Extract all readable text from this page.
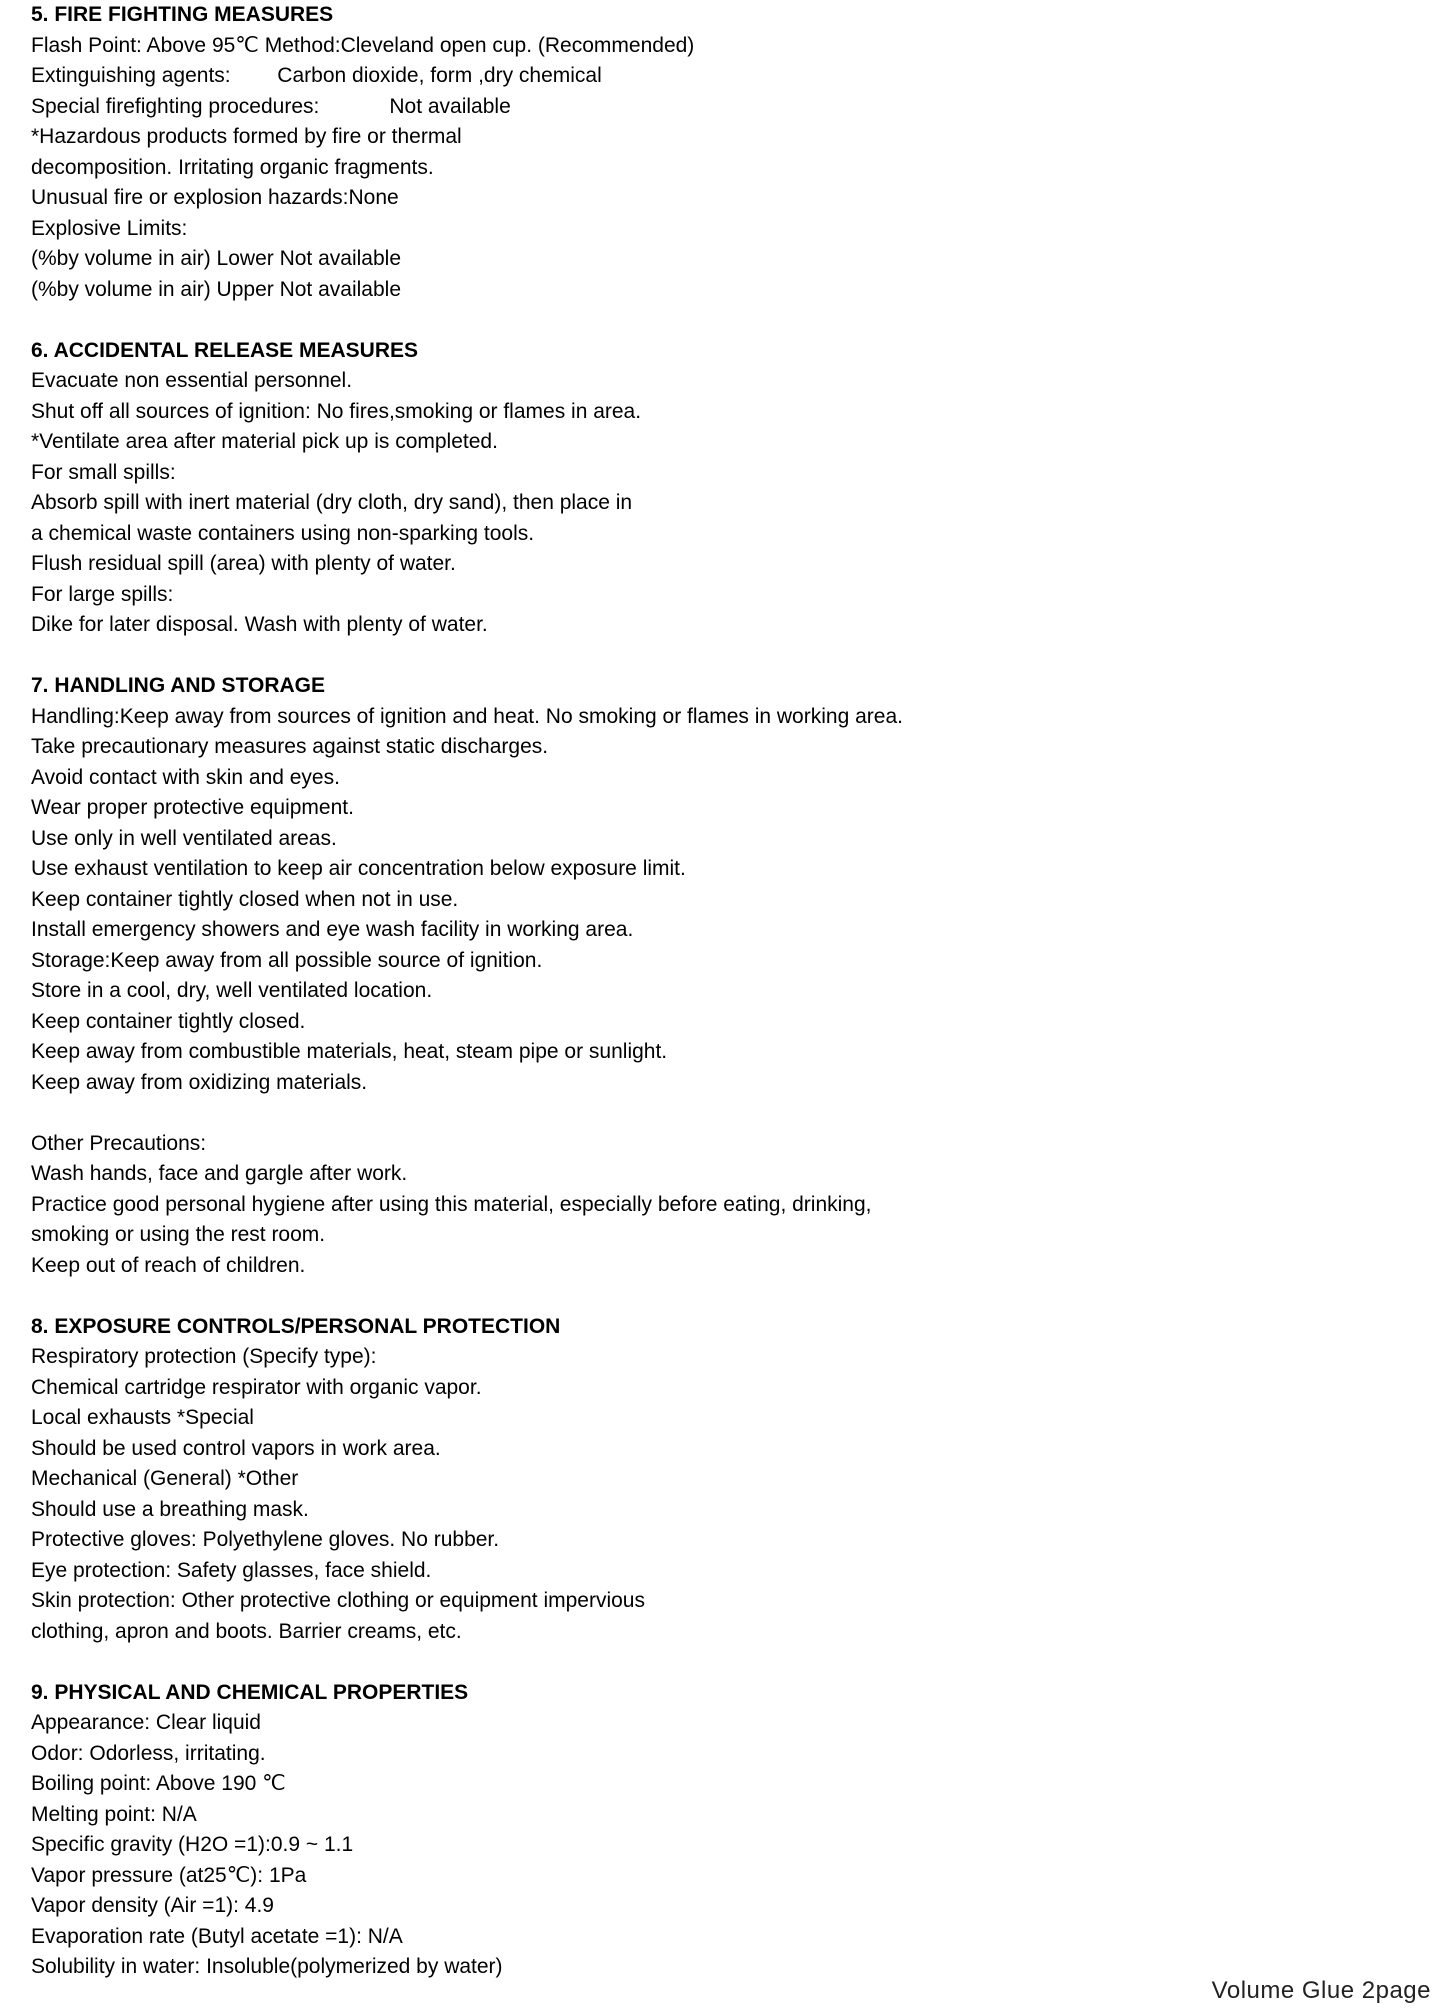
5. FIRE FIGHTING MEASURES
Flash Point: Above 95℃ Method:Cleveland open cup. (Recommended)
Extinguishing agents:        Carbon dioxide, form ,dry chemical
Special firefighting procedures:            Not available
*Hazardous products formed by fire or thermal
decomposition. Irritating organic fragments.
Unusual fire or explosion hazards:None
Explosive Limits:
(%by volume in air) Lower Not available
(%by volume in air) Upper Not available
6. ACCIDENTAL RELEASE MEASURES
Evacuate non essential personnel.
Shut off all sources of ignition: No fires,smoking or flames in area.
*Ventilate area after material pick up is completed.
For small spills:
Absorb spill with inert material (dry cloth, dry sand), then place in
a chemical waste containers using non-sparking tools.
Flush residual spill (area) with plenty of water.
For large spills:
Dike for later disposal. Wash with plenty of water.
7. HANDLING AND STORAGE
Handling:Keep away from sources of ignition and heat. No smoking or flames in working area.
Take precautionary measures against static discharges.
Avoid contact with skin and eyes.
Wear proper protective equipment.
Use only in well ventilated areas.
Use exhaust ventilation to keep air concentration below exposure limit.
Keep container tightly closed when not in use.
Install emergency showers and eye wash facility in working area.
Storage:Keep away from all possible source of ignition.
Store in a cool, dry, well ventilated location.
Keep container tightly closed.
Keep away from combustible materials, heat, steam pipe or sunlight.
Keep away from oxidizing materials.
Other Precautions:
Wash hands, face and gargle after work.
Practice good personal hygiene after using this material, especially before eating, drinking,
smoking or using the rest room.
Keep out of reach of children.
8. EXPOSURE CONTROLS/PERSONAL PROTECTION
Respiratory protection (Specify type):
Chemical cartridge respirator with organic vapor.
Local exhausts *Special
Should be used control vapors in work area.
Mechanical (General) *Other
Should use a breathing mask.
Protective gloves: Polyethylene gloves. No rubber.
Eye protection: Safety glasses, face shield.
Skin protection: Other protective clothing or equipment impervious
clothing, apron and boots. Barrier creams, etc.
9. PHYSICAL AND CHEMICAL PROPERTIES
Appearance: Clear liquid
Odor: Odorless, irritating.
Boiling point: Above 190 ℃
Melting point: N/A
Specific gravity (H2O =1):0.9 ~ 1.1
Vapor pressure (at25℃): 1Pa
Vapor density (Air =1): 4.9
Evaporation rate (Butyl acetate =1): N/A
Solubility in water: Insoluble(polymerized by water)
Volume Glue 2page
